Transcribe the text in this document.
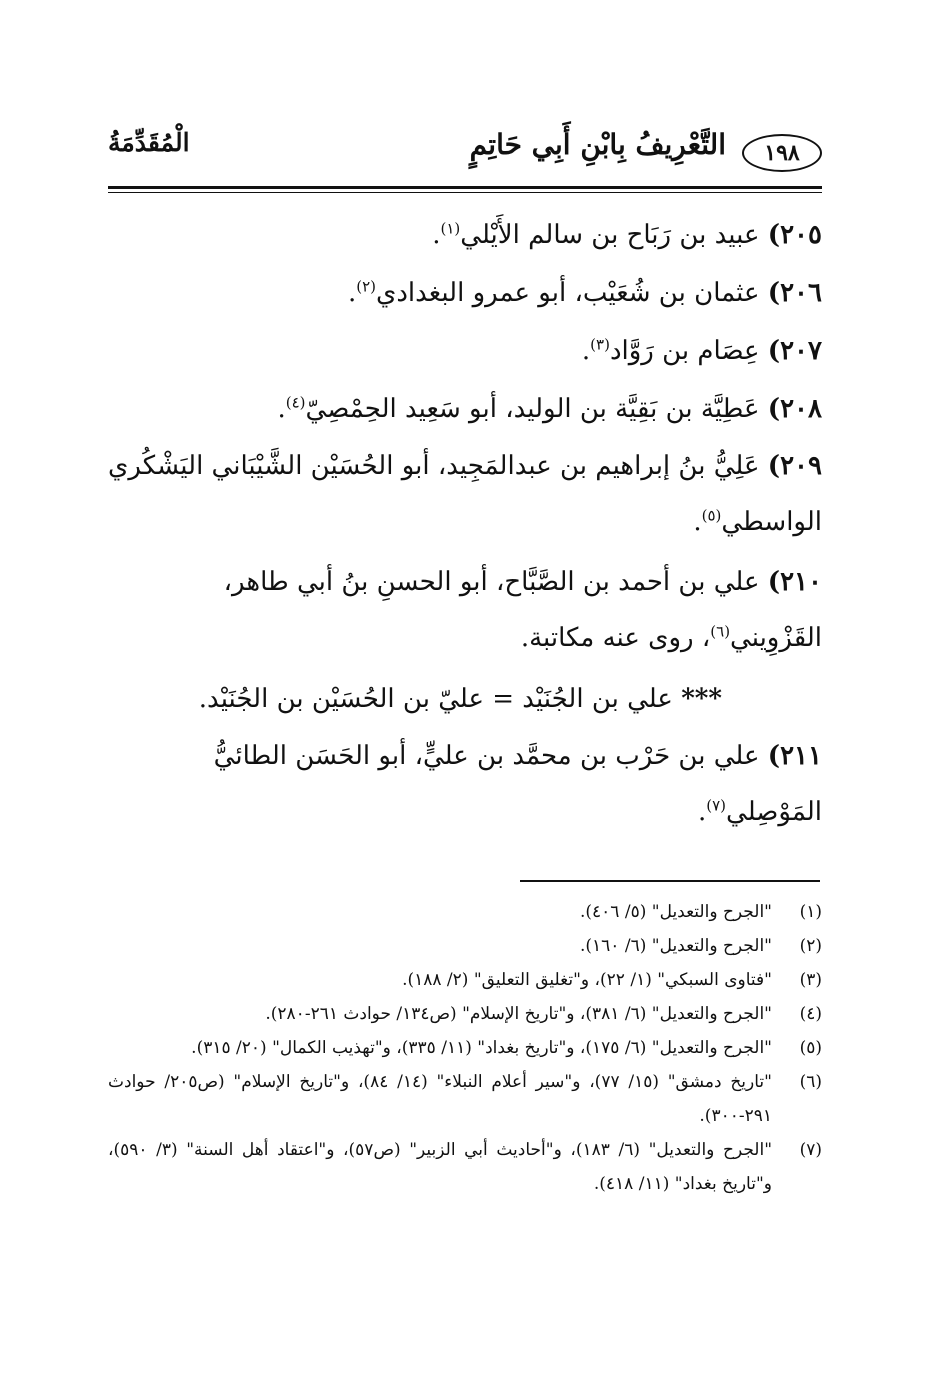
١٩٨
التَّعْرِيفُ بِابْنِ أَبِي حَاتِمٍ
الْمُقَدِّمَةُ

٢٠٥) عبيد بن رَبَاح بن سالم الأَيْلي$^{(١)}$.

٢٠٦) عثمان بن شُعَيْب، أبو عمرو البغدادي$^{(٢)}$.

٢٠٧) عِصَام بن رَوَّاد$^{(٣)}$.

٢٠٨) عَطِيَّة بن بَقِيَّة بن الوليد، أبو سَعِيد الحِمْصِيّ$^{(٤)}$.

٢٠٩) عَلِيُّ بنُ إبراهيم بن عبدالمَجِيد، أبو الحُسَيْن الشَّيْبَاني اليَشْكُري الواسطي$^{(٥)}$.

٢١٠) علي بن أحمد بن الصَّبَّاح، أبو الحسنِ بنُ أبي طاهر، القَزْوِيني$^{(٦)}$، روى عنه مكاتبة.

*** علي بن الجُنَيْد = عليّ بن الحُسَيْن بن الجُنَيْد.

٢١١) علي بن حَرْب بن محمَّد بن عليٍّ، أبو الحَسَن الطائيُّ المَوْصِلي$^{(٧)}$.

(١)
"الجرح والتعديل" (٥/ ٤٠٦).
(٢)
"الجرح والتعديل" (٦/ ١٦٠).
(٣)
"فتاوى السبكي" (١/ ٢٢)، و"تغليق التعليق" (٢/ ١٨٨).
(٤)
"الجرح والتعديل" (٦/ ٣٨١)، و"تاريخ الإسلام" (ص١٣٤/ حوادث ٢٦١-٢٨٠).
(٥)
"الجرح والتعديل" (٦/ ١٧٥)، و"تاريخ بغداد" (١١/ ٣٣٥)، و"تهذيب الكمال" (٢٠/ ٣١٥).
(٦)
"تاريخ دمشق" (١٥/ ٧٧)، و"سير أعلام النبلاء" (١٤/ ٨٤)، و"تاريخ الإسلام" (ص٢٠٥/ حوادث ٢٩١-٣٠٠).
(٧)
"الجرح والتعديل" (٦/ ١٨٣)، و"أحاديث أبي الزبير" (ص٥٧)، و"اعتقاد أهل السنة" (٣/ ٥٩٠)، و"تاريخ بغداد" (١١/ ٤١٨).
